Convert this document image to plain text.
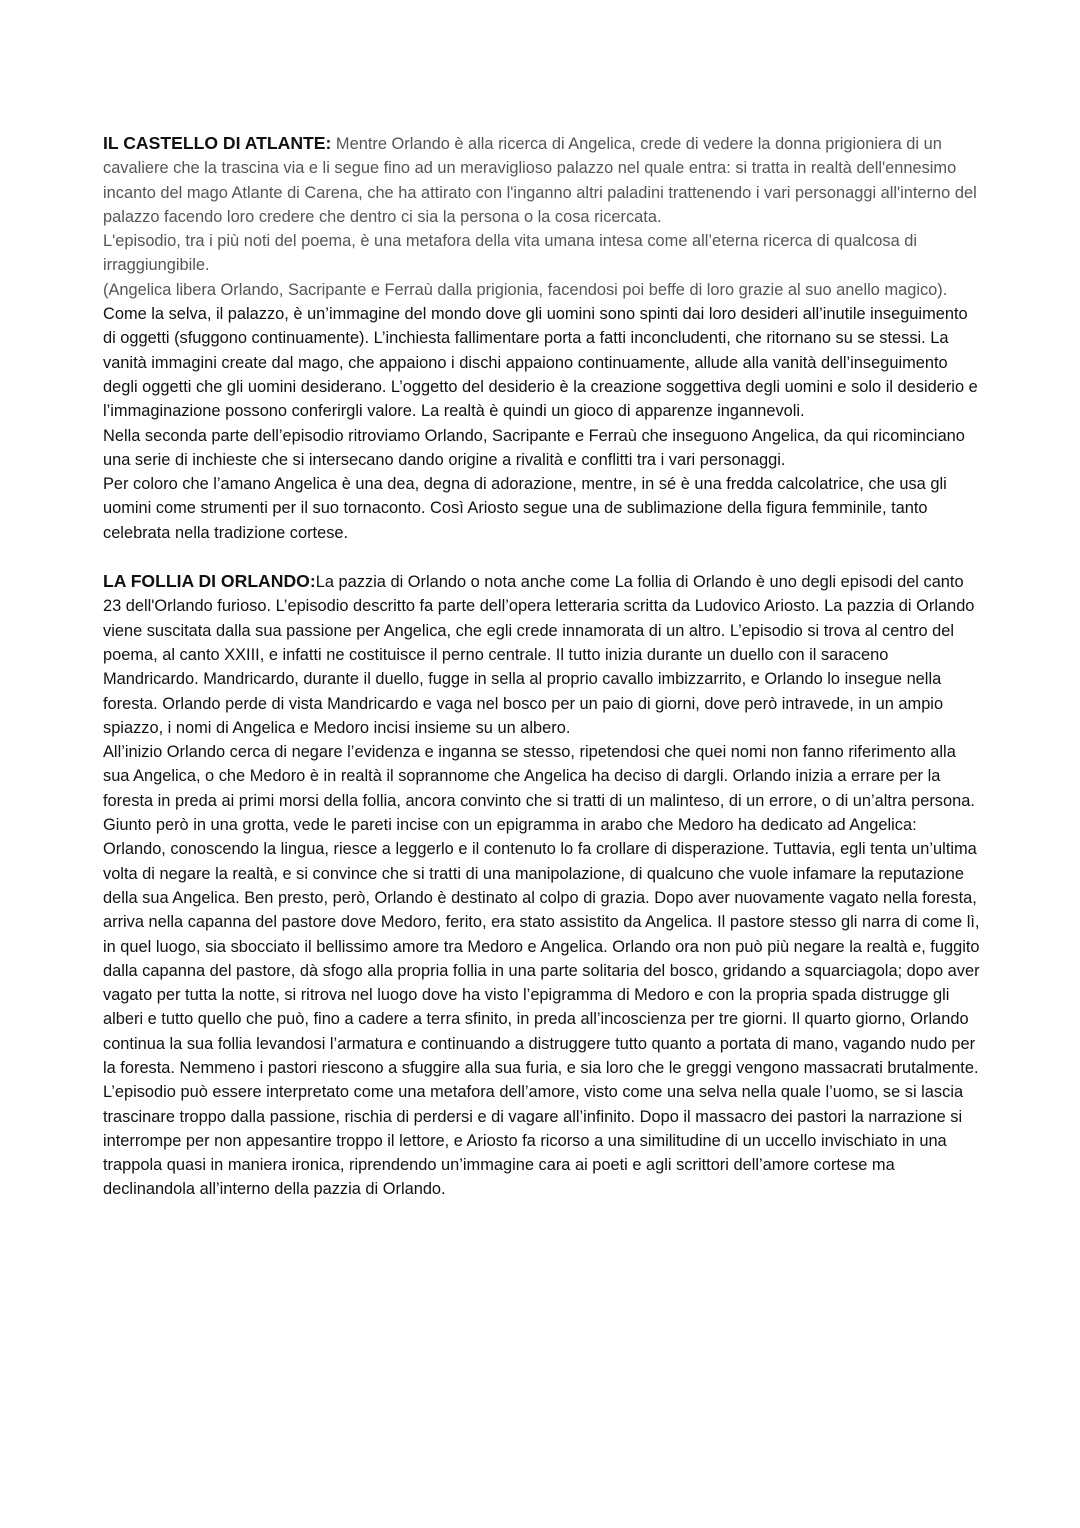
IL CASTELLO DI ATLANTE: Mentre Orlando è alla ricerca di Angelica, crede di vedere la donna prigioniera di un cavaliere che la trascina via e li segue fino ad un meraviglioso palazzo nel quale entra: si tratta in realtà dell'ennesimo incanto del mago Atlante di Carena, che ha attirato con l'inganno altri paladini trattenendo i vari personaggi all'interno del palazzo facendo loro credere che dentro ci sia la persona o la cosa ricercata.

L'episodio, tra i più noti del poema, è una metafora della vita umana intesa come all’eterna ricerca di qualcosa di irraggiungibile.

(Angelica libera Orlando, Sacripante e Ferraù dalla prigionia, facendosi poi beffe di loro grazie al suo anello magico).

Come la selva, il palazzo, è un’immagine del mondo dove gli uomini sono spinti dai loro desideri all’inutile inseguimento di oggetti (sfuggono continuamente). L’inchiesta fallimentare porta a fatti inconcludenti, che ritornano su se stessi. La vanità immagini create dal mago, che appaiono i dischi appaiono continuamente, allude alla vanità dell’inseguimento degli oggetti che gli uomini desiderano. L’oggetto del desiderio è la creazione soggettiva degli uomini e solo il desiderio e l’immaginazione possono conferirgli valore. La realtà è quindi un gioco di apparenze ingannevoli.

Nella seconda parte dell’episodio ritroviamo Orlando, Sacripante e Ferraù che inseguono Angelica, da qui ricominciano una serie di inchieste che si intersecano dando origine a rivalità e conflitti tra i vari personaggi.

Per coloro che l’amano Angelica è una dea, degna di adorazione, mentre, in sé è una fredda calcolatrice, che usa gli uomini come strumenti per il suo tornaconto. Così Ariosto segue una de sublimazione della figura femminile, tanto celebrata nella tradizione cortese.

LA FOLLIA DI ORLANDO:La pazzia di Orlando o nota anche come La follia di Orlando è uno degli episodi del canto 23 dell'Orlando furioso. L’episodio descritto fa parte dell’opera letteraria scritta da Ludovico Ariosto. La pazzia di Orlando viene suscitata dalla sua passione per Angelica, che egli crede innamorata di un altro. L’episodio si trova al centro del poema, al canto XXIII, e infatti ne costituisce il perno centrale. Il tutto inizia durante un duello con il saraceno Mandricardo. Mandricardo, durante il duello, fugge in sella al proprio cavallo imbizzarrito, e Orlando lo insegue nella foresta. Orlando perde di vista Mandricardo e vaga nel bosco per un paio di giorni, dove però intravede, in un ampio spiazzo, i nomi di Angelica e Medoro incisi insieme su un albero.

All’inizio Orlando cerca di negare l’evidenza e inganna se stesso, ripetendosi che quei nomi non fanno riferimento alla sua Angelica, o che Medoro è in realtà il soprannome che Angelica ha deciso di dargli. Orlando inizia a errare per la foresta in preda ai primi morsi della follia, ancora convinto che si tratti di un malinteso, di un errore, o di un’altra persona. Giunto però in una grotta, vede le pareti incise con un epigramma in arabo che Medoro ha dedicato ad Angelica: Orlando, conoscendo la lingua, riesce a leggerlo e il contenuto lo fa crollare di disperazione. Tuttavia, egli tenta un’ultima volta di negare la realtà, e si convince che si tratti di una manipolazione, di qualcuno che vuole infamare la reputazione della sua Angelica. Ben presto, però, Orlando è destinato al colpo di grazia. Dopo aver nuovamente vagato nella foresta, arriva nella capanna del pastore dove Medoro, ferito, era stato assistito da Angelica. Il pastore stesso gli narra di come lì, in quel luogo, sia sbocciato il bellissimo amore tra Medoro e Angelica. Orlando ora non può più negare la realtà e, fuggito dalla capanna del pastore, dà sfogo alla propria follia in una parte solitaria del bosco, gridando a squarciagola; dopo aver vagato per tutta la notte, si ritrova nel luogo dove ha visto l’epigramma di Medoro e con la propria spada distrugge gli alberi e tutto quello che può, fino a cadere a terra sfinito, in preda all’incoscienza per tre giorni. Il quarto giorno, Orlando continua la sua follia levandosi l’armatura e continuando a distruggere tutto quanto a portata di mano, vagando nudo per la foresta. Nemmeno i pastori riescono a sfuggire alla sua furia, e sia loro che le greggi vengono massacrati brutalmente.

L’episodio può essere interpretato come una metafora dell’amore, visto come una selva nella quale l’uomo, se si lascia trascinare troppo dalla passione, rischia di perdersi e di vagare all’infinito. Dopo il massacro dei pastori la narrazione si interrompe per non appesantire troppo il lettore, e Ariosto fa ricorso a una similitudine di un uccello invischiato in una trappola quasi in maniera ironica, riprendendo un’immagine cara ai poeti e agli scrittori dell’amore cortese ma declinandola all’interno della pazzia di Orlando.
